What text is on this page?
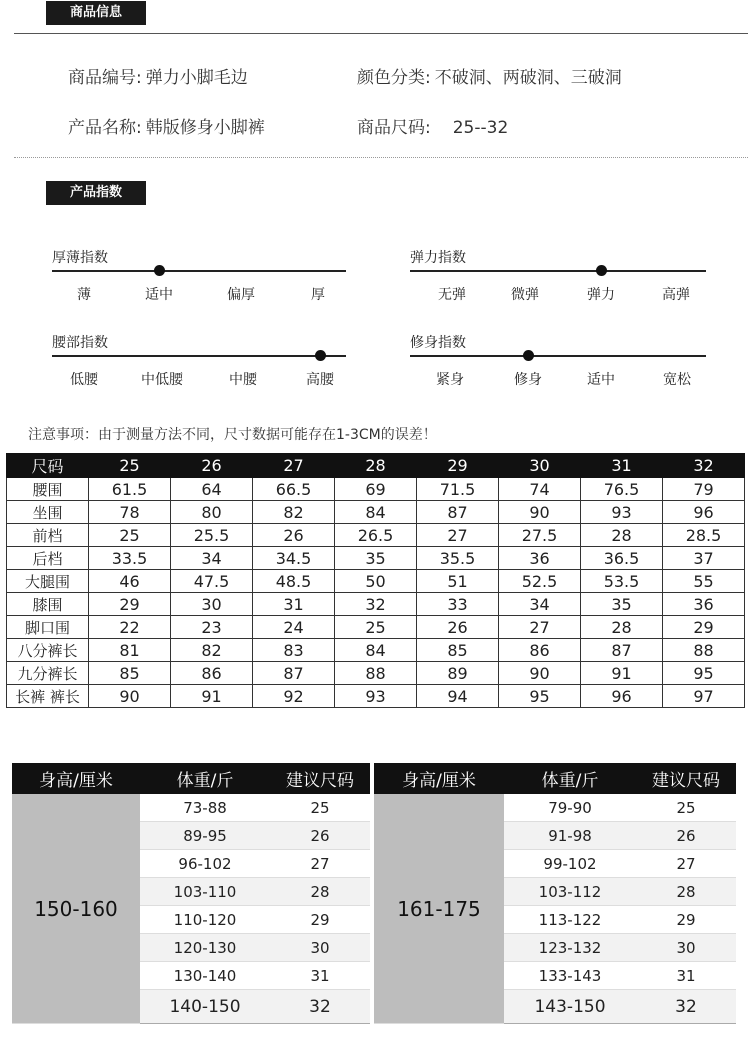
商品信息
商品编号: 弹力小脚毛边	颜色分类: 不破洞、两破洞、三破洞
产品名称: 韩版修身小脚裤	商品尺码: 25--32
产品指数
厚薄指数
薄	适中	偏厚	厚
弹力指数
无弹	微弹	弹力	高弹
腰部指数
低腰	中低腰	中腰	高腰
修身指数
紧身	修身	适中	宽松
注意事项：由于测量方法不同，尺寸数据可能存在1-3CM的误差！
尺码	25	26	27	28	29	30	31	32
腰围	61.5	64	66.5	69	71.5	74	76.5	79
坐围	78	80	82	84	87	90	93	96
前档	25	25.5	26	26.5	27	27.5	28	28.5
后档	33.5	34	34.5	35	35.5	36	36.5	37
大腿围	46	47.5	48.5	50	51	52.5	53.5	55
膝围	29	30	31	32	33	34	35	36
脚口围	22	23	24	25	26	27	28	29
八分裤长	81	82	83	84	85	86	87	88
九分裤长	85	86	87	88	89	90	91	95
长裤 裤长	90	91	92	93	94	95	96	97
身高/厘米	体重/斤	建议尺码
150-160	73-88	25
	89-95	26
	96-102	27
	103-110	28
	110-120	29
	120-130	30
	130-140	31
	140-150	32
身高/厘米	体重/斤	建议尺码
161-175	79-90	25
	91-98	26
	99-102	27
	103-112	28
	113-122	29
	123-132	30
	133-143	31
	143-150	32
